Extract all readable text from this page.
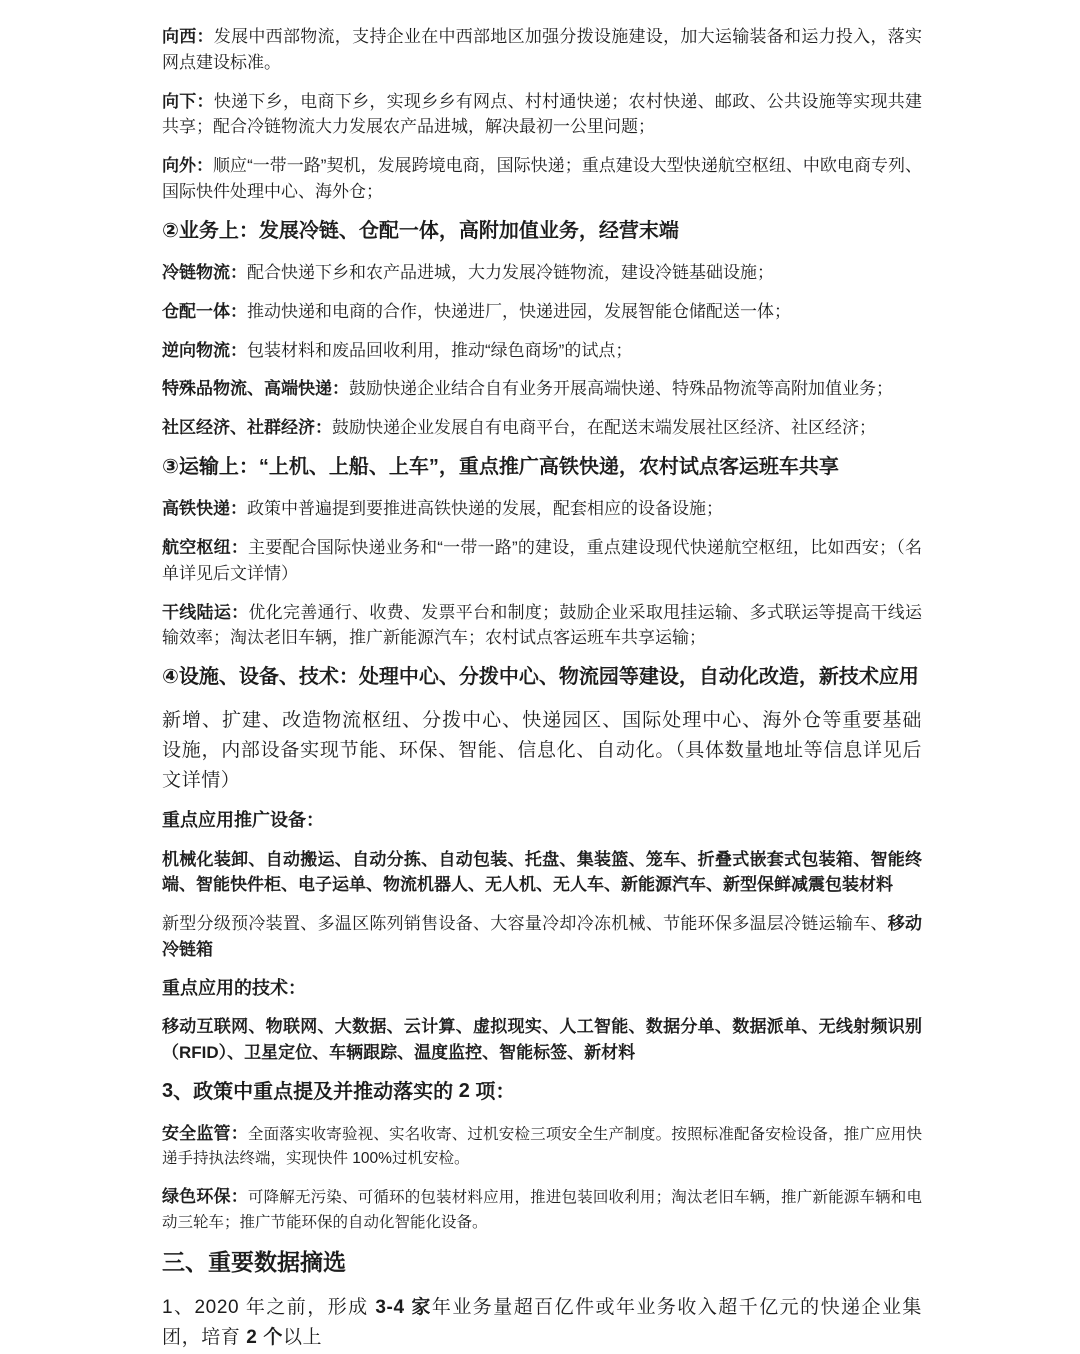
向西：发展中西部物流，支持企业在中西部地区加强分拨设施建设，加大运输装备和运力投入，落实网点建设标准。

向下：快递下乡，电商下乡，实现乡乡有网点、村村通快递；农村快递、邮政、公共设施等实现共建共享；配合冷链物流大力发展农产品进城，解决最初一公里问题；

向外：顺应“一带一路”契机，发展跨境电商，国际快递；重点建设大型快递航空枢纽、中欧电商专列、国际快件处理中心、海外仓；

②业务上：发展冷链、仓配一体，高附加值业务，经营末端

冷链物流：配合快递下乡和农产品进城，大力发展冷链物流，建设冷链基础设施；

仓配一体：推动快递和电商的合作，快递进厂，快递进园，发展智能仓储配送一体；

逆向物流：包装材料和废品回收利用，推动“绿色商场”的试点；

特殊品物流、高端快递：鼓励快递企业结合自有业务开展高端快递、特殊品物流等高附加值业务；

社区经济、社群经济：鼓励快递企业发展自有电商平台，在配送末端发展社区经济、社区经济；

③运输上：“上机、上船、上车”，重点推广高铁快递，农村试点客运班车共享

高铁快递：政策中普遍提到要推进高铁快递的发展，配套相应的设备设施；

航空枢纽：主要配合国际快递业务和“一带一路”的建设，重点建设现代快递航空枢纽，比如西安；（名单详见后文详情）

干线陆运：优化完善通行、收费、发票平台和制度；鼓励企业采取甩挂运输、多式联运等提高干线运输效率；淘汰老旧车辆，推广新能源汽车；农村试点客运班车共享运输；

④设施、设备、技术：处理中心、分拨中心、物流园等建设，自动化改造，新技术应用

新增、扩建、改造物流枢纽、分拨中心、快递园区、国际处理中心、海外仓等重要基础设施，内部设备实现节能、环保、智能、信息化、自动化。（具体数量地址等信息详见后文详情）

重点应用推广设备：

机械化装卸、自动搬运、自动分拣、自动包装、托盘、集装篮、笼车、折叠式嵌套式包装箱、智能终端、智能快件柜、电子运单、物流机器人、无人机、无人车、新能源汽车、新型保鲜减震包装材料

新型分级预冷装置、多温区陈列销售设备、大容量冷却冷冻机械、节能环保多温层冷链运输车、移动冷链箱

重点应用的技术：

移动互联网、物联网、大数据、云计算、虚拟现实、人工智能、数据分单、数据派单、无线射频识别（RFID）、卫星定位、车辆跟踪、温度监控、智能标签、新材料

3、政策中重点提及并推动落实的 2 项：

安全监管：全面落实收寄验视、实名收寄、过机安检三项安全生产制度。按照标准配备安检设备，推广应用快递手持执法终端，实现快件 100%过机安检。

绿色环保：可降解无污染、可循环的包装材料应用，推进包装回收利用；淘汰老旧车辆，推广新能源车辆和电动三轮车；推广节能环保的自动化智能化设备。

三、重要数据摘选

1、2020 年之前，形成 3-4 家年业务量超百亿件或年业务收入超千亿元的快递企业集团，培育 2 个以上
